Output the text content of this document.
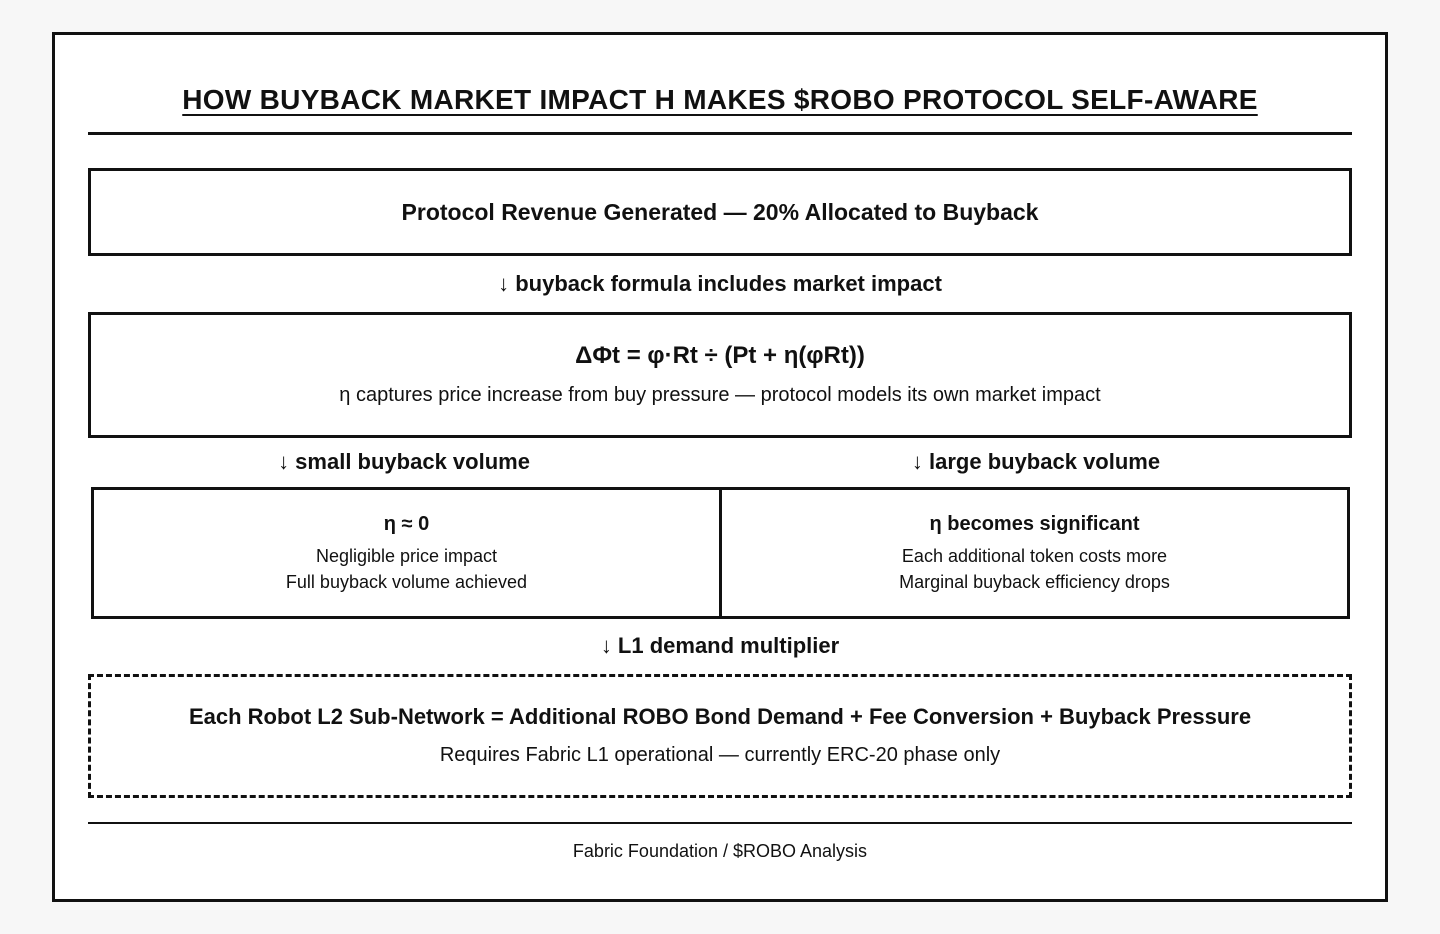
HOW BUYBACK MARKET IMPACT H MAKES $ROBO PROTOCOL SELF-AWARE
Protocol Revenue Generated — 20% Allocated to Buyback
↓ buyback formula includes market impact
ΔΦt = φ·Rt ÷ (Pt + η(φRt))
η captures price increase from buy pressure — protocol models its own market impact
↓ small buyback volume	↓ large buyback volume
η ≈ 0
Negligible price impact
Full buyback volume achieved
η becomes significant
Each additional token costs more
Marginal buyback efficiency drops
↓ L1 demand multiplier
Each Robot L2 Sub-Network = Additional ROBO Bond Demand + Fee Conversion + Buyback Pressure
Requires Fabric L1 operational — currently ERC-20 phase only
Fabric Foundation / $ROBO Analysis
